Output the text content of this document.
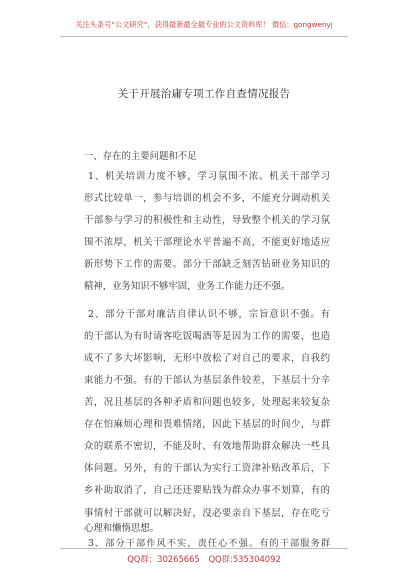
关注头条号“公文研究”，获得最新最全最专业的公文资料库！ 微信：gongwenyj
关于开展治庸专项工作自查情况报告
一、存在的主要问题和不足
1、机关培训力度不够，学习氛围不浓。机关干部学习
形式比较单一，参与培训的机会不多，不能充分调动机关
干部参与学习的积极性和主动性，导致整个机关的学习氛
围不浓厚，机关干部理论水平普遍不高，不能更好地适应
新形势下工作的需要。部分干部缺乏刻苦钻研业务知识的
精神，业务知识不够牢固，业务工作能力还不强。
2、部分干部对廉洁自律认识不够，宗旨意识不强。有
的干部认为有时请客吃饭喝酒等是因为工作的需要，也造
成不了多大坏影响，无形中放松了对自己的要求，自我约
束能力不强。有的干部认为基层条件较差，下基层十分辛
苦，况且基层的各种矛盾和问题也较多，处理起来较复杂
存在怕麻烦心理和畏难情绪，因此下基层的时间少，与群
众的联系不密切，不能及时、有效地帮助群众解决一些具
体问题。另外，有的干部认为实行工资津补贴改革后，下
乡补助取消了，自己还还要贴钱为群众办事不划算，有的
事情村干部就可以解决好，没必要亲自下基层，存在吃亏
心理和懒惰思想。
3、部分干部作风不实，责任心不强。有的干部服务群
QQ群：30265665 QQ群:535304092
